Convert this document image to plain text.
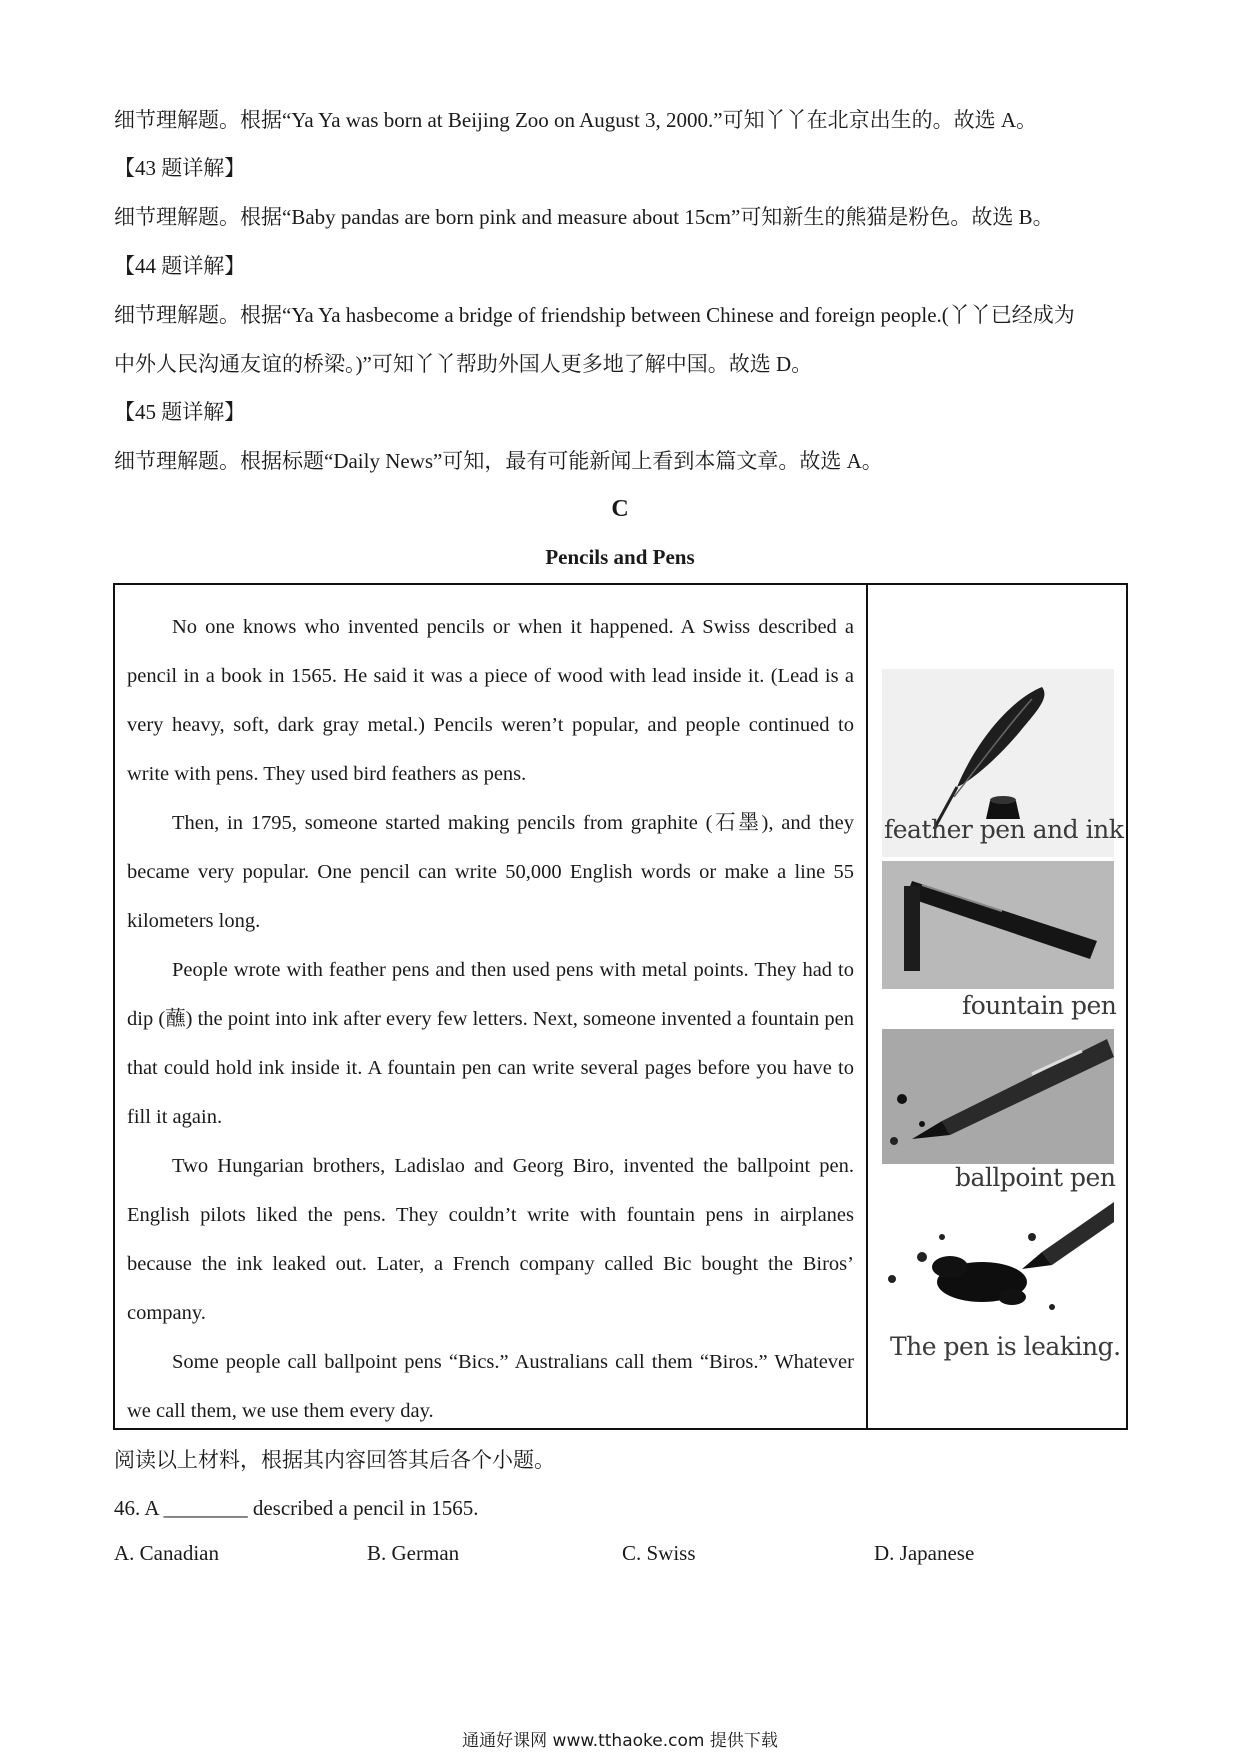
细节理解题。根据“Ya Ya was born at Beijing Zoo on August 3, 2000.”可知丫丫在北京出生的。故选 A。
【43 题详解】
细节理解题。根据“Baby pandas are born pink and measure about 15cm”可知新生的熊猫是粉色。故选 B。
【44 题详解】
细节理解题。根据“Ya Ya hasbecome a bridge of friendship between Chinese and foreign people.(丫丫已经成为
中外人民沟通友谊的桥梁。)”可知丫丫帮助外国人更多地了解中国。故选 D。
【45 题详解】
细节理解题。根据标题“Daily News”可知，最有可能新闻上看到本篇文章。故选 A。
C
Pencils and Pens

No one knows who invented pencils or when it happened. A Swiss described a pencil in a book in 1565. He said it was a piece of wood with lead inside it. (Lead is a very heavy, soft, dark gray metal.) Pencils weren’t popular, and people continued to write with pens. They used bird feathers as pens.

Then, in 1795, someone started making pencils from graphite (石墨), and they became very popular. One pencil can write 50,000 English words or make a line 55 kilometers long.

People wrote with feather pens and then used pens with metal points. They had to dip (蘸) the point into ink after every few letters. Next, someone invented a fountain pen that could hold ink inside it. A fountain pen can write several pages before you have to fill it again.

Two Hungarian brothers, Ladislao and Georg Biro, invented the ballpoint pen. English pilots liked the pens. They couldn’t write with fountain pens in airplanes because the ink leaked out. Later, a French company called Bic bought the Biros’ company.

Some people call ballpoint pens “Bics.” Australians call them “Biros.” Whatever we call them, we use them every day.

feather pen and ink
fountain pen
ballpoint pen
The pen is leaking.
阅读以上材料，根据其内容回答其后各个小题。
46. A ________ described a pencil in 1565.
A. Canadian	B. German	C. Swiss	D. Japanese
通通好课网 www.tthaoke.com 提供下载
